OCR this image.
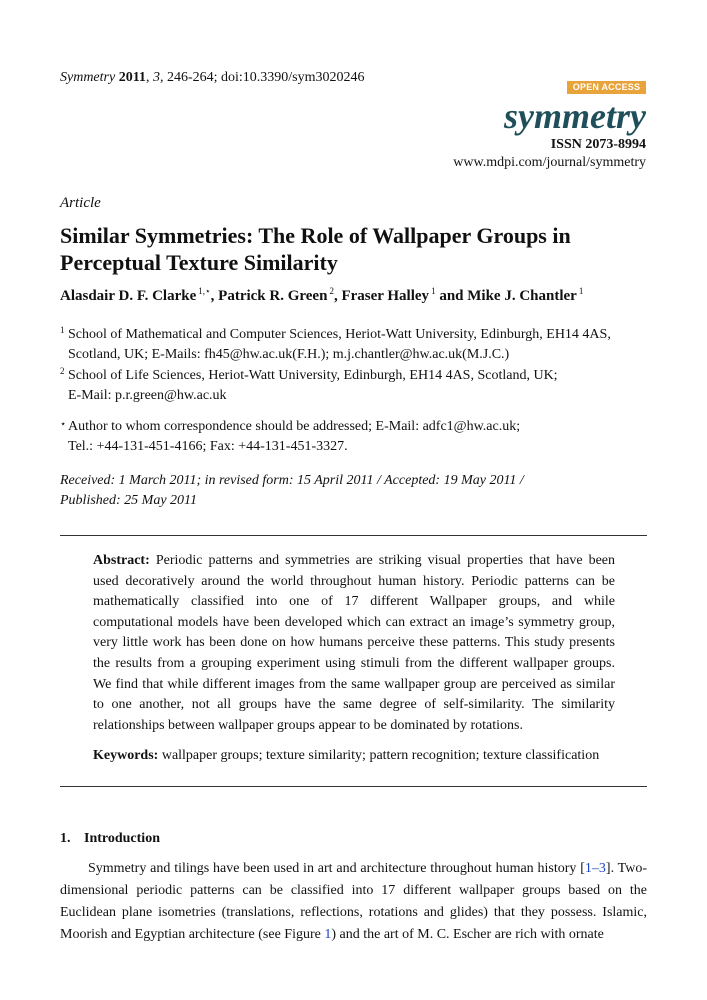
Symmetry 2011, 3, 246-264; doi:10.3390/sym3020246
OPEN ACCESS
symmetry
ISSN 2073-8994
www.mdpi.com/journal/symmetry
Article
Similar Symmetries: The Role of Wallpaper Groups in Perceptual Texture Similarity
Alasdair D. F. Clarke $^{1,⋆}$, Patrick R. Green $^2$, Fraser Halley $^1$ and Mike J. Chantler $^1$
1 School of Mathematical and Computer Sciences, Heriot-Watt University, Edinburgh, EH14 4AS,
Scotland, UK; E-Mails: fh45@hw.ac.uk(F.H.); m.j.chantler@hw.ac.uk(M.J.C.)
2 School of Life Sciences, Heriot-Watt University, Edinburgh, EH14 4AS, Scotland, UK;
E-Mail: p.r.green@hw.ac.uk
⋆ Author to whom correspondence should be addressed; E-Mail: adfc1@hw.ac.uk;
Tel.: +44-131-451-4166; Fax: +44-131-451-3327.
Received: 1 March 2011; in revised form: 15 April 2011 / Accepted: 19 May 2011 /
Published: 25 May 2011
Abstract: Periodic patterns and symmetries are striking visual properties that have been used decoratively around the world throughout human history. Periodic patterns can be mathematically classified into one of 17 different Wallpaper groups, and while computational models have been developed which can extract an image’s symmetry group, very little work has been done on how humans perceive these patterns. This study presents the results from a grouping experiment using stimuli from the different wallpaper groups. We find that while different images from the same wallpaper group are perceived as similar to one another, not all groups have the same degree of self-similarity. The similarity relationships between wallpaper groups appear to be dominated by rotations.
Keywords: wallpaper groups; texture similarity; pattern recognition; texture classification
1. Introduction
Symmetry and tilings have been used in art and architecture throughout human history [1–3]. Two-dimensional periodic patterns can be classified into 17 different wallpaper groups based on the Euclidean plane isometries (translations, reflections, rotations and glides) that they possess. Islamic, Moorish and Egyptian architecture (see Figure 1) and the art of M. C. Escher are rich with ornate
